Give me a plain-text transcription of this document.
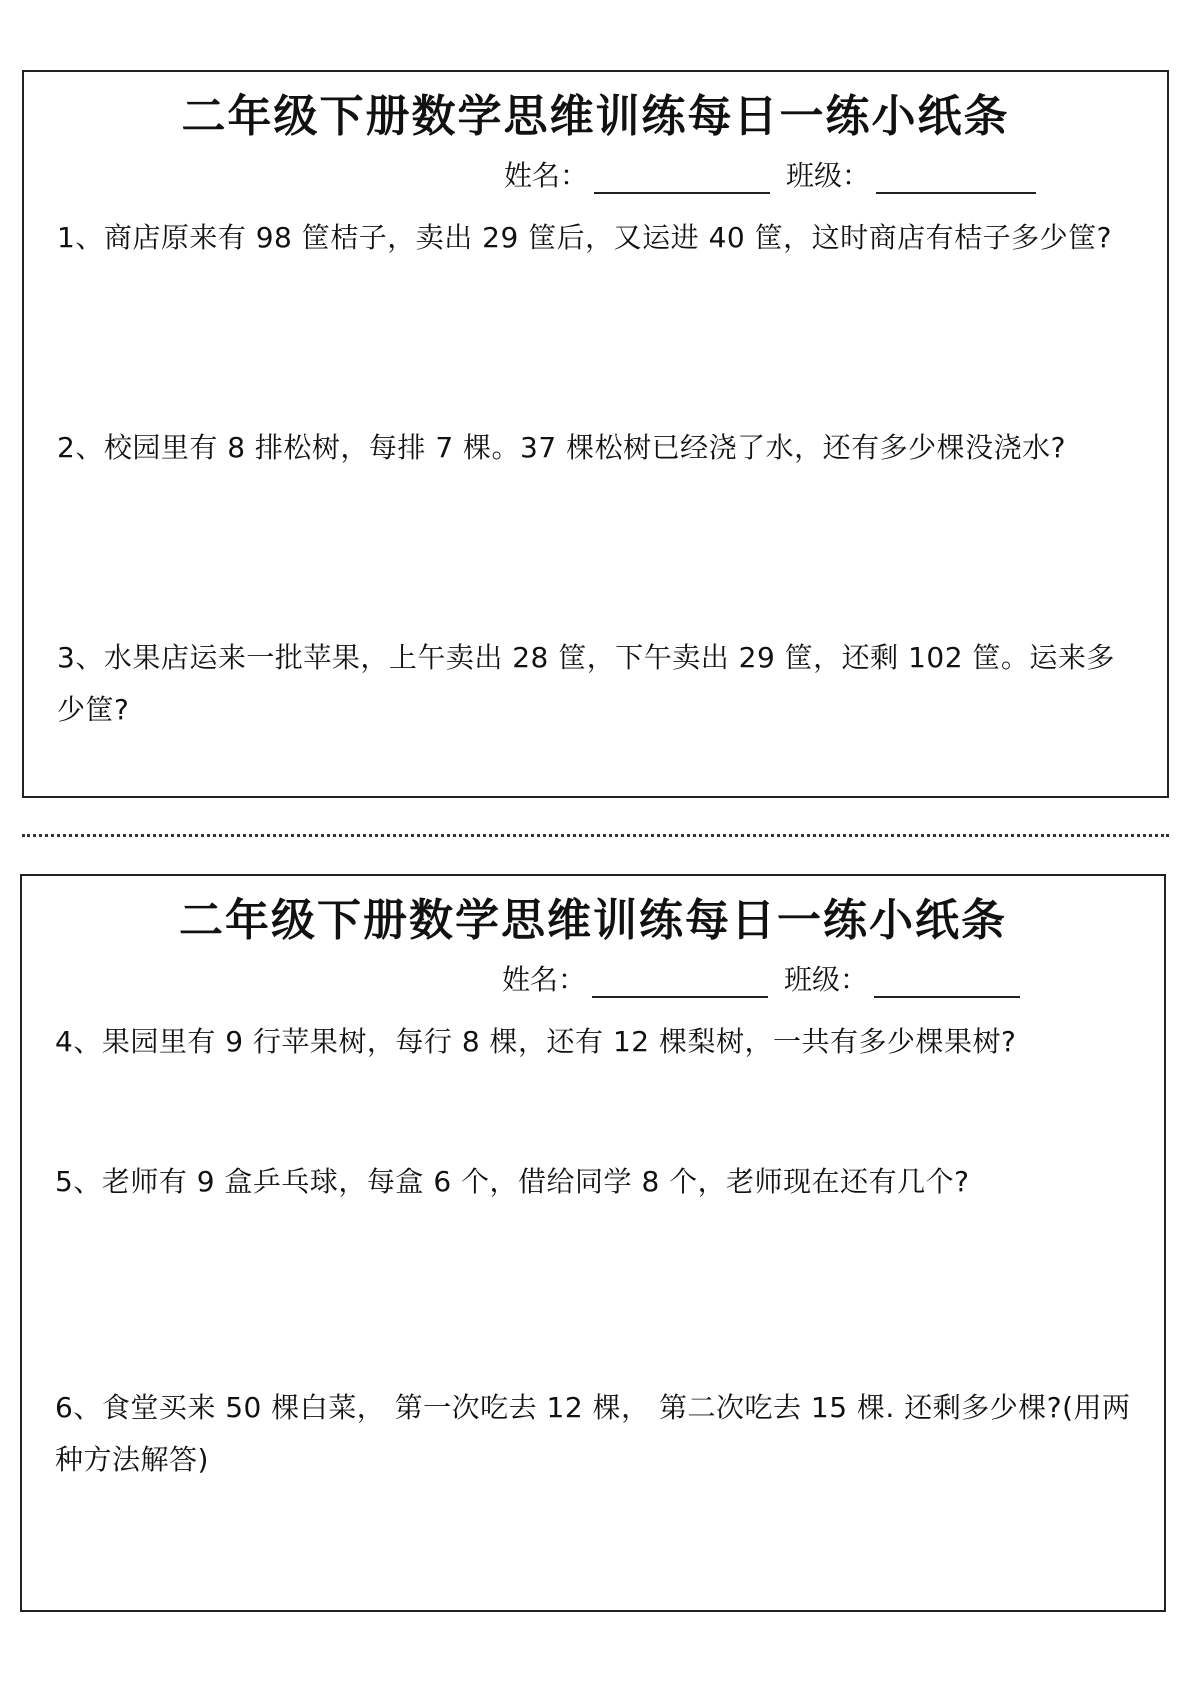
二年级下册数学思维训练每日一练小纸条
姓名：	班级：

1、商店原来有 98 筐桔子，卖出 29 筐后，又运进 40 筐，这时商店有桔子多少筐?

2、校园里有 8 排松树，每排 7 棵。37 棵松树已经浇了水，还有多少棵没浇水?

3、水果店运来一批苹果，上午卖出 28 筐，下午卖出 29 筐，还剩 102 筐。运来多少筐?

二年级下册数学思维训练每日一练小纸条
姓名：	班级：

4、果园里有 9 行苹果树，每行 8 棵，还有 12 棵梨树，一共有多少棵果树?

5、老师有 9 盒乒乓球，每盒 6 个，借给同学 8 个，老师现在还有几个?

6、食堂买来 50 棵白菜， 第一次吃去 12 棵， 第二次吃去 15 棵. 还剩多少棵?(用两种方法解答)
